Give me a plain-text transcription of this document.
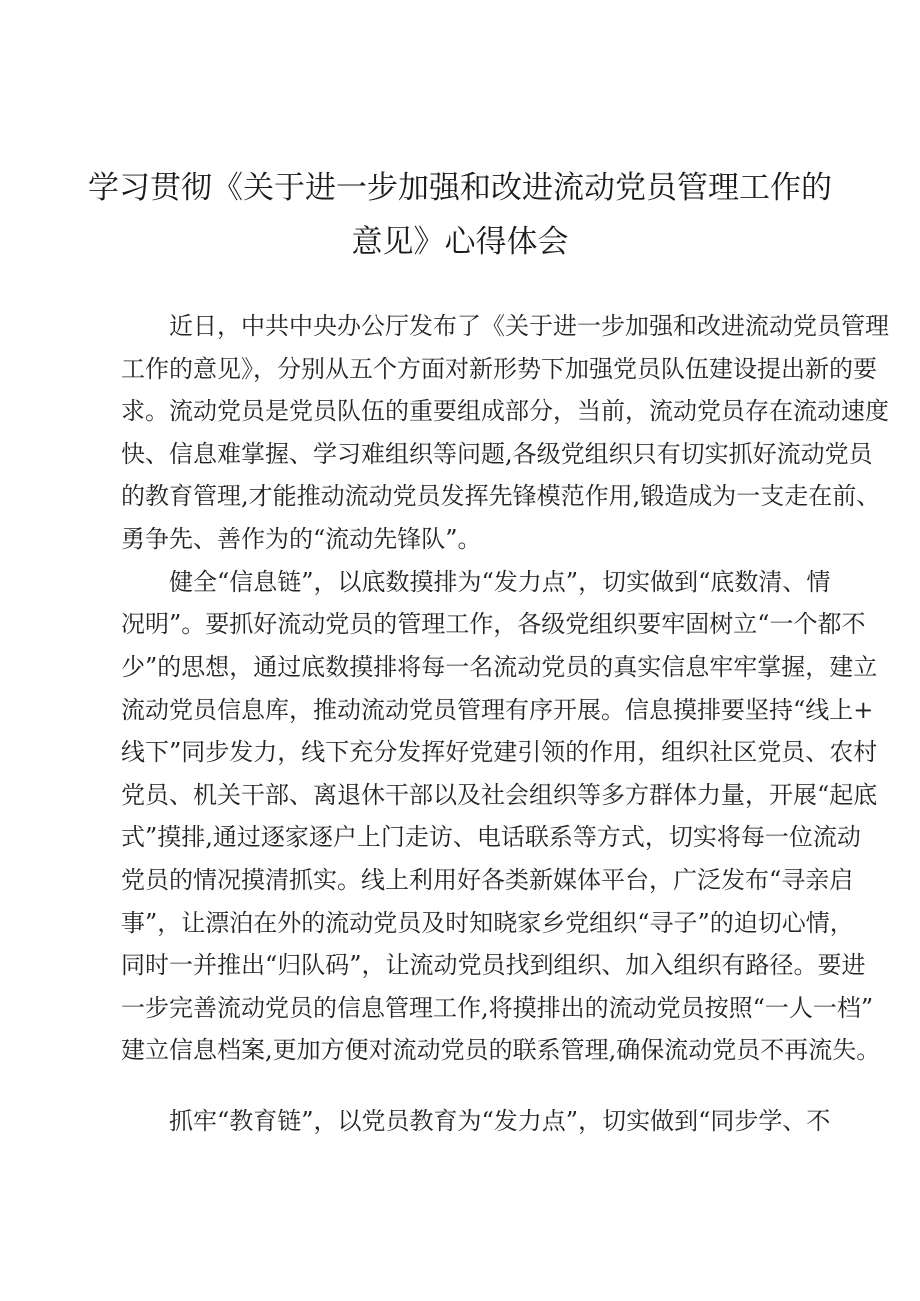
学习贯彻《关于进一步加强和改进流动党员管理工作的
意见》心得体会
近日，中共中央办公厅发布了《关于进一步加强和改进流动党员管理
工作的意见》，分别从五个方面对新形势下加强党员队伍建设提出新的要
求。流动党员是党员队伍的重要组成部分，当前，流动党员存在流动速度
快、信息难掌握、学习难组织等问题,各级党组织只有切实抓好流动党员
的教育管理,才能推动流动党员发挥先锋模范作用,锻造成为一支走在前、
勇争先、善作为的“流动先锋队”。
健全“信息链”，以底数摸排为“发力点”，切实做到“底数清、情
况明”。要抓好流动党员的管理工作，各级党组织要牢固树立“一个都不
少”的思想，通过底数摸排将每一名流动党员的真实信息牢牢掌握，建立
流动党员信息库，推动流动党员管理有序开展。信息摸排要坚持“线上+
线下”同步发力，线下充分发挥好党建引领的作用，组织社区党员、农村
党员、机关干部、离退休干部以及社会组织等多方群体力量，开展“起底
式”摸排,通过逐家逐户上门走访、电话联系等方式，切实将每一位流动
党员的情况摸清抓实。线上利用好各类新媒体平台，广泛发布“寻亲启
事”，让漂泊在外的流动党员及时知晓家乡党组织“寻子”的迫切心情，
同时一并推出“归队码”，让流动党员找到组织、加入组织有路径。要进
一步完善流动党员的信息管理工作,将摸排出的流动党员按照“一人一档”
建立信息档案,更加方便对流动党员的联系管理,确保流动党员不再流失。
抓牢“教育链”，以党员教育为“发力点”，切实做到“同步学、不
